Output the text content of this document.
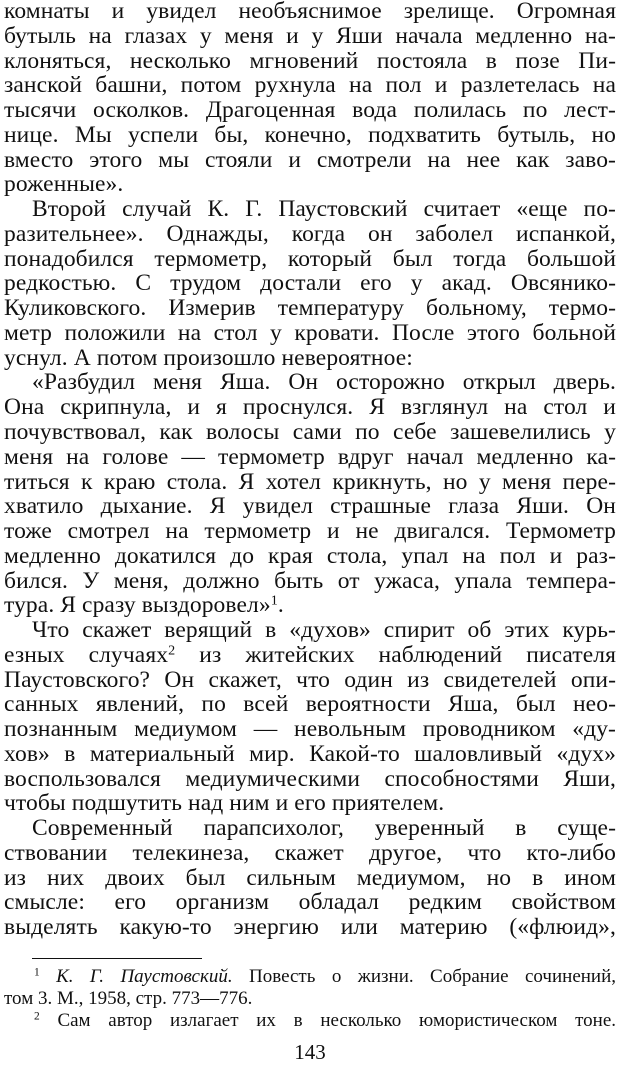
комнаты и увидел необъяснимое зрелище. Огромная
бутыль на глазах у меня и у Яши начала медленно на-
клоняться, несколько мгновений постояла в позе Пи-
занской башни, потом рухнула на пол и разлетелась на
тысячи осколков. Драгоценная вода полилась по лест-
нице. Мы успели бы, конечно, подхватить бутыль, но
вместо этого мы стояли и смотрели на нее как заво-
роженные».
Второй случай К. Г. Паустовский считает «еще по-
разительнее». Однажды, когда он заболел испанкой,
понадобился термометр, который был тогда большой
редкостью. С трудом достали его у акад. Овсянико-
Куликовского. Измерив температуру больному, термо-
метр положили на стол у кровати. После этого больной
уснул. А потом произошло невероятное:
«Разбудил меня Яша. Он осторожно открыл дверь.
Она скрипнула, и я проснулся. Я взглянул на стол и
почувствовал, как волосы сами по себе зашевелились у
меня на голове — термометр вдруг начал медленно ка-
титься к краю стола. Я хотел крикнуть, но у меня пере-
хватило дыхание. Я увидел страшные глаза Яши. Он
тоже смотрел на термометр и не двигался. Термометр
медленно докатился до края стола, упал на пол и раз-
бился. У меня, должно быть от ужаса, упала темпера-
тура. Я сразу выздоровел»$^1$.
Что скажет верящий в «духов» спирит об этих курь-
езных случаях$^2$ из житейских наблюдений писателя
Паустовского? Он скажет, что один из свидетелей опи-
санных явлений, по всей вероятности Яша, был нео-
познанным медиумом — невольным проводником «ду-
хов» в материальный мир. Какой-то шаловливый «дух»
воспользовался медиумическими способностями Яши,
чтобы подшутить над ним и его приятелем.
Современный парапсихолог, уверенный в суще-
ствовании телекинеза, скажет другое, что кто-либо
из них двоих был сильным медиумом, но в ином
смысле: его организм обладал редким свойством
выделять какую-то энергию или материю («флюид»,
$^1$ К. Г. Паустовский. Повесть о жизни. Собрание сочинений,
том 3. М., 1958, стр. 773—776.
$^2$ Сам автор излагает их в несколько юмористическом тоне.
143
